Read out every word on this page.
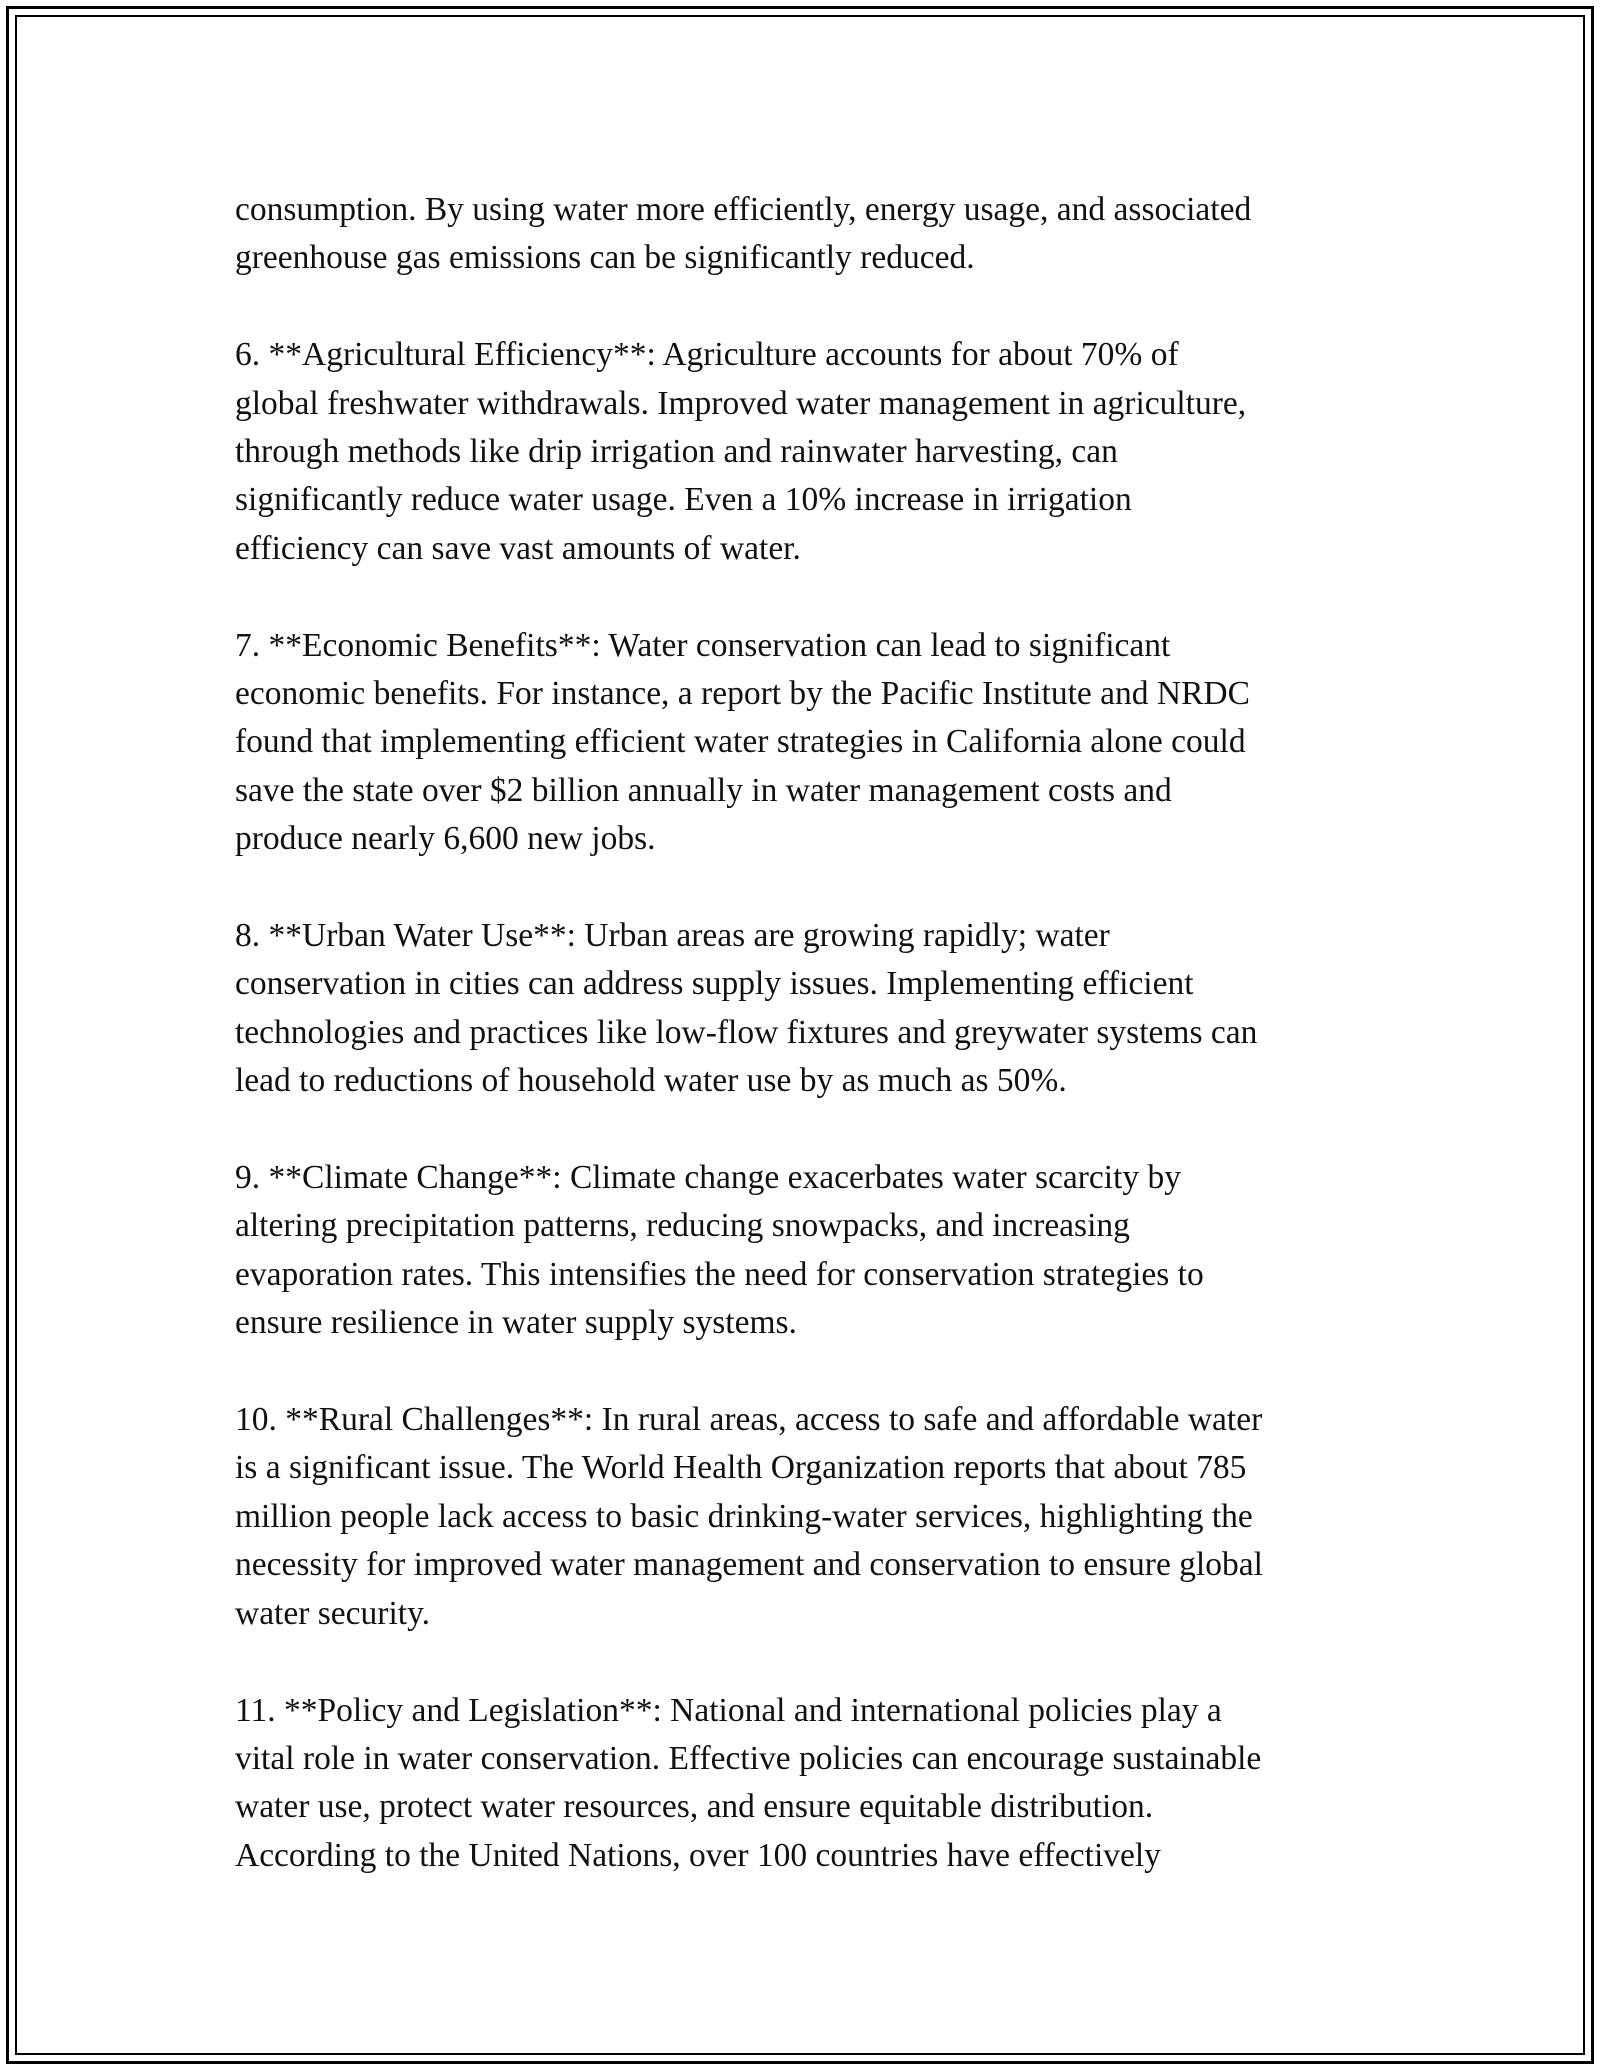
consumption. By using water more efficiently, energy usage, and associated
greenhouse gas emissions can be significantly reduced.

6. **Agricultural Efficiency**: Agriculture accounts for about 70% of
global freshwater withdrawals. Improved water management in agriculture,
through methods like drip irrigation and rainwater harvesting, can
significantly reduce water usage. Even a 10% increase in irrigation
efficiency can save vast amounts of water.

7. **Economic Benefits**: Water conservation can lead to significant
economic benefits. For instance, a report by the Pacific Institute and NRDC
found that implementing efficient water strategies in California alone could
save the state over $2 billion annually in water management costs and
produce nearly 6,600 new jobs.

8. **Urban Water Use**: Urban areas are growing rapidly; water
conservation in cities can address supply issues. Implementing efficient
technologies and practices like low-flow fixtures and greywater systems can
lead to reductions of household water use by as much as 50%.

9. **Climate Change**: Climate change exacerbates water scarcity by
altering precipitation patterns, reducing snowpacks, and increasing
evaporation rates. This intensifies the need for conservation strategies to
ensure resilience in water supply systems.

10. **Rural Challenges**: In rural areas, access to safe and affordable water
is a significant issue. The World Health Organization reports that about 785
million people lack access to basic drinking-water services, highlighting the
necessity for improved water management and conservation to ensure global
water security.

11. **Policy and Legislation**: National and international policies play a
vital role in water conservation. Effective policies can encourage sustainable
water use, protect water resources, and ensure equitable distribution.
According to the United Nations, over 100 countries have effectively
